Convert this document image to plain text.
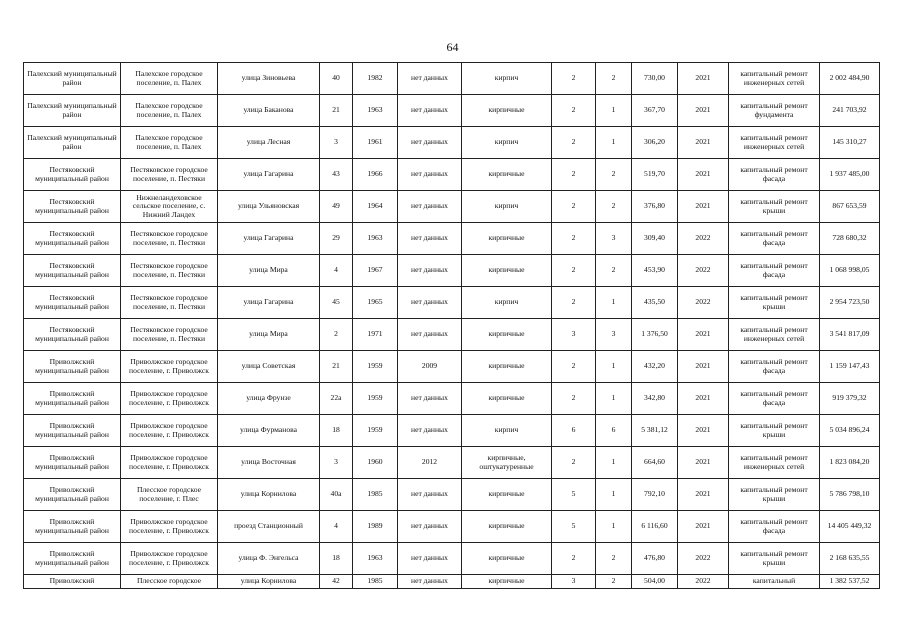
64
Палехский муниципальный район	Палехское городское поселение, п. Палех	улица Зиновьева	40	1982	нет данных	кирпич	2	2	730,00	2021	капитальный ремонт инженерных сетей	2 002 484,90
Палехский муниципальный район	Палехское городское поселение, п. Палех	улица Баканова	21	1963	нет данных	кирпичные	2	1	367,70	2021	капитальный ремонт фундамента	241 703,92
Палехский муниципальный район	Палехское городское поселение, п. Палех	улица Лесная	3	1961	нет данных	кирпич	2	1	306,20	2021	капитальный ремонт инженерных сетей	145 310,27
Пестяковский муниципальный район	Пестяковское городское поселение, п. Пестяки	улица Гагарина	43	1966	нет данных	кирпичные	2	2	519,70	2021	капитальный ремонт фасада	1 937 485,00
Пестяковский муниципальный район	Нижнеландеховское сельское поселение, с. Нижний Ландех	улица Ульяновская	49	1964	нет данных	кирпич	2	2	376,80	2021	капитальный ремонт крыши	867 653,59
Пестяковский муниципальный район	Пестяковское городское поселение, п. Пестяки	улица Гагарина	29	1963	нет данных	кирпичные	2	3	309,40	2022	капитальный ремонт фасада	728 680,32
Пестяковский муниципальный район	Пестяковское городское поселение, п. Пестяки	улица Мира	4	1967	нет данных	кирпичные	2	2	453,90	2022	капитальный ремонт фасада	1 068 998,05
Пестяковский муниципальный район	Пестяковское городское поселение, п. Пестяки	улица Гагарина	45	1965	нет данных	кирпич	2	1	435,50	2022	капитальный ремонт крыши	2 954 723,50
Пестяковский муниципальный район	Пестяковское городское поселение, п. Пестяки	улица Мира	2	1971	нет данных	кирпичные	3	3	1 376,50	2021	капитальный ремонт инженерных сетей	3 541 817,09
Приволжский муниципальный район	Приволжское городское поселение, г. Приволжск	улица Советская	21	1959	2009	кирпичные	2	1	432,20	2021	капитальный ремонт фасада	1 159 147,43
Приволжский муниципальный район	Приволжское городское поселение, г. Приволжск	улица Фрунзе	22а	1959	нет данных	кирпичные	2	1	342,80	2021	капитальный ремонт фасада	919 379,32
Приволжский муниципальный район	Приволжское городское поселение, г. Приволжск	улица Фурманова	18	1959	нет данных	кирпич	6	6	5 381,12	2021	капитальный ремонт крыши	5 034 896,24
Приволжский муниципальный район	Приволжское городское поселение, г. Приволжск	улица Восточная	3	1960	2012	кирпичные, оштукатуренные	2	1	664,60	2021	капитальный ремонт инженерных сетей	1 823 084,20
Приволжский муниципальный район	Плесское городское поселение, г. Плес	улица Корнилова	40а	1985	нет данных	кирпичные	5	1	792,10	2021	капитальный ремонт крыши	5 786 798,10
Приволжский муниципальный район	Приволжское городское поселение, г. Приволжск	проезд Станционный	4	1989	нет данных	кирпичные	5	1	6 116,60	2021	капитальный ремонт фасада	14 405 449,32
Приволжский муниципальный район	Приволжское городское поселение, г. Приволжск	улица Ф. Энгельса	18	1963	нет данных	кирпичные	2	2	476,80	2022	капитальный ремонт крыши	2 168 635,55
Приволжский	Плесское городское	улица Корнилова	42	1985	нет данных	кирпичные	3	2	504,00	2022	капитальный	1 382 537,52
